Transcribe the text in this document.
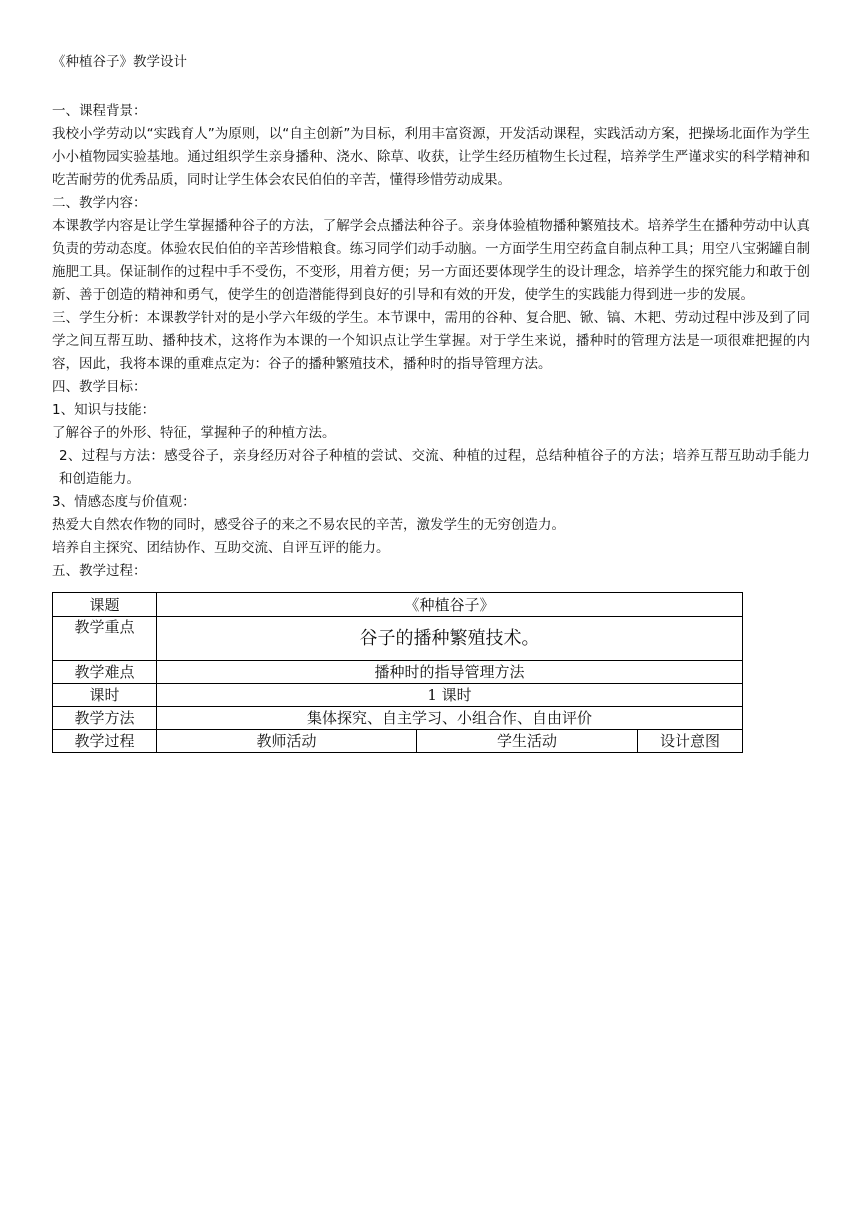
《种植谷子》教学设计

一、课程背景：

我校小学劳动以“实践育人”为原则，以“自主创新”为目标，利用丰富资源，开发活动课程，实践活动方案，把操场北面作为学生小小植物园实验基地。通过组织学生亲身播种、浇水、除草、收获，让学生经历植物生长过程，培养学生严谨求实的科学精神和吃苦耐劳的优秀品质，同时让学生体会农民伯伯的辛苦，懂得珍惜劳动成果。

二、教学内容：

本课教学内容是让学生掌握播种谷子的方法，了解学会点播法种谷子。亲身体验植物播种繁殖技术。培养学生在播种劳动中认真负责的劳动态度。体验农民伯伯的辛苦珍惜粮食。练习同学们动手动脑。一方面学生用空药盒自制点种工具；用空八宝粥罐自制施肥工具。保证制作的过程中手不受伤，不变形，用着方便；另一方面还要体现学生的设计理念，培养学生的探究能力和敢于创新、善于创造的精神和勇气，使学生的创造潜能得到良好的引导和有效的开发，使学生的实践能力得到进一步的发展。

三、学生分析：本课教学针对的是小学六年级的学生。本节课中，需用的谷种、复合肥、锨、镐、木耙、劳动过程中涉及到了同学之间互帮互助、播种技术，这将作为本课的一个知识点让学生掌握。对于学生来说，播种时的管理方法是一项很难把握的内容，因此，我将本课的重难点定为：谷子的播种繁殖技术，播种时的指导管理方法。

四、教学目标：

1、知识与技能：

了解谷子的外形、特征，掌握种子的种植方法。

2、过程与方法：感受谷子，亲身经历对谷子种植的尝试、交流、种植的过程，总结种植谷子的方法；培养互帮互助动手能力和创造能力。

3、情感态度与价值观：

热爱大自然农作物的同时，感受谷子的来之不易农民的辛苦，激发学生的无穷创造力。

培养自主探究、团结协作、互助交流、自评互评的能力。

五、教学过程：

课题	《种植谷子》		
教学重点	谷子的播种繁殖技术。		
教学难点	播种时的指导管理方法		
课时	1 课时		
教学方法	集体探究、自主学习、小组合作、自由评价		
教学过程	教师活动	学生活动	设计意图
